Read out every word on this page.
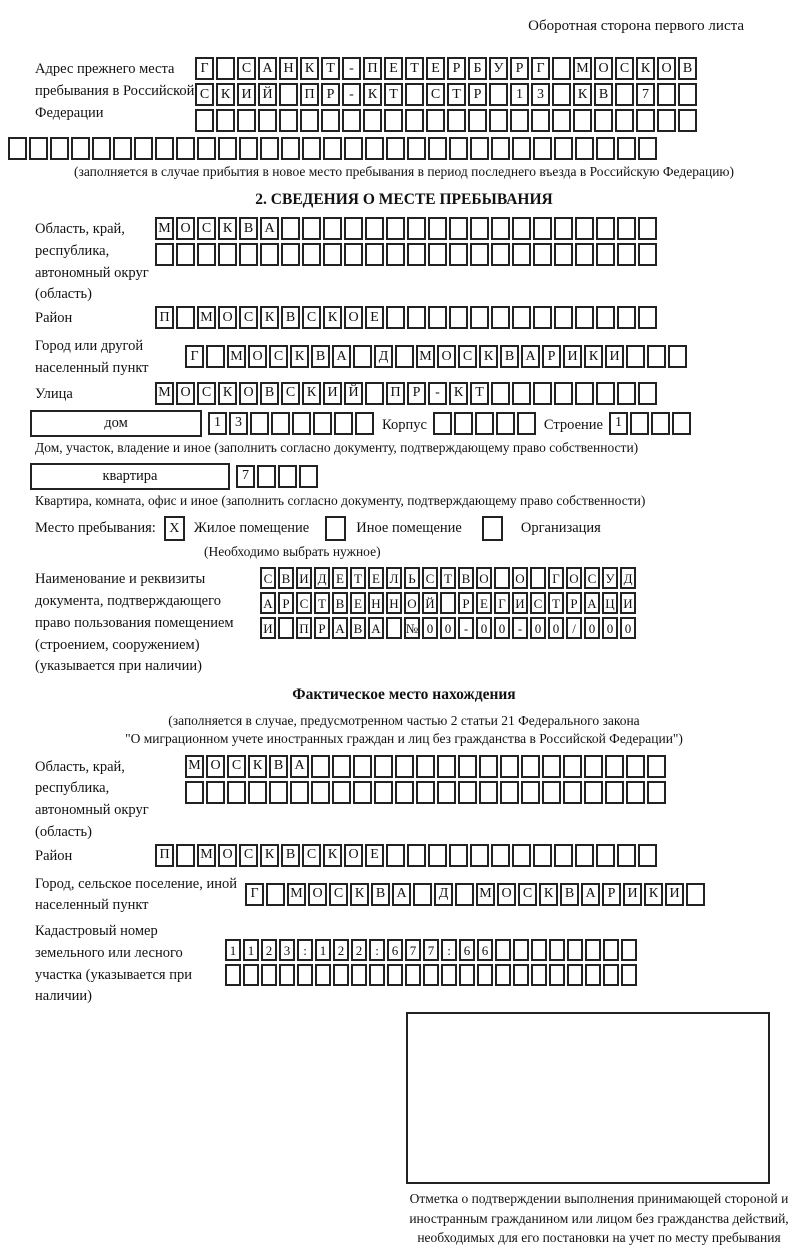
Оборотная сторона первого листа
Адрес прежнего места пребывания в Российской Федерации
Г	С А Н К Т	- П Е Т Е Р Б У Р Г	М О С К О В
С К И Й	П Р	-	К Т	С Т Р	1	3	К В	7
(заполняется в случае прибытия в новое место пребывания в период последнего въезда в Российскую Федерацию)
2. СВЕДЕНИЯ О МЕСТЕ ПРЕБЫВАНИЯ
Область, край, республика, автономный округ (область)
М О С К В А
Район	П	М О С К В С К О Е
Город или другой населенный пункт
Г	М О С К В А	Д	М О С К В А Р И К И
Улица	М О С К О В С К И Й	П Р	-	К Т
дом	1	3	Корпус	Строение 1
Дом, участок, владение и иное (заполнить согласно документу, подтверждающему право собственности)
квартира	7
Квартира, комната, офис и иное (заполнить согласно документу, подтверждающему право собственности)
Место пребывания: X Жилое помещение	Иное помещение	Организация
(Необходимо выбрать нужное)
Наименование и реквизиты документа, подтверждающего право пользования помещением (строением, сооружением) (указывается при наличии)
С В И Д Е Т Е Л Ь С Т В О О	Г О С У Д
А Р С Т В Е Н Н О Й	Р Е Г И С Т Р А Ц И
И П Р А В А № 0 0 - 0 0 - 0 0 / 0 0 0
Фактическое место нахождения
(заполняется в случае, предусмотренном частью 2 статьи 21 Федерального закона
"О миграционном учете иностранных граждан и лиц без гражданства в Российской Федерации")
Область, край, республика, автономный округ (область)
М О С К В А
Район	П	М О С К В С К О Е
Город, сельское поселение, иной населенный пункт
Г	М О С К В А	Д	М О С К В А Р И К И
Кадастровый номер земельного или лесного участка (указывается при наличии)
1 1 2 3 : 1 2 2 : 6 7 7 : 6 6
Отметка о подтверждении выполнения принимающей стороной и иностранным гражданином или лицом без гражданства действий, необходимых для его постановки на учет по месту пребывания
